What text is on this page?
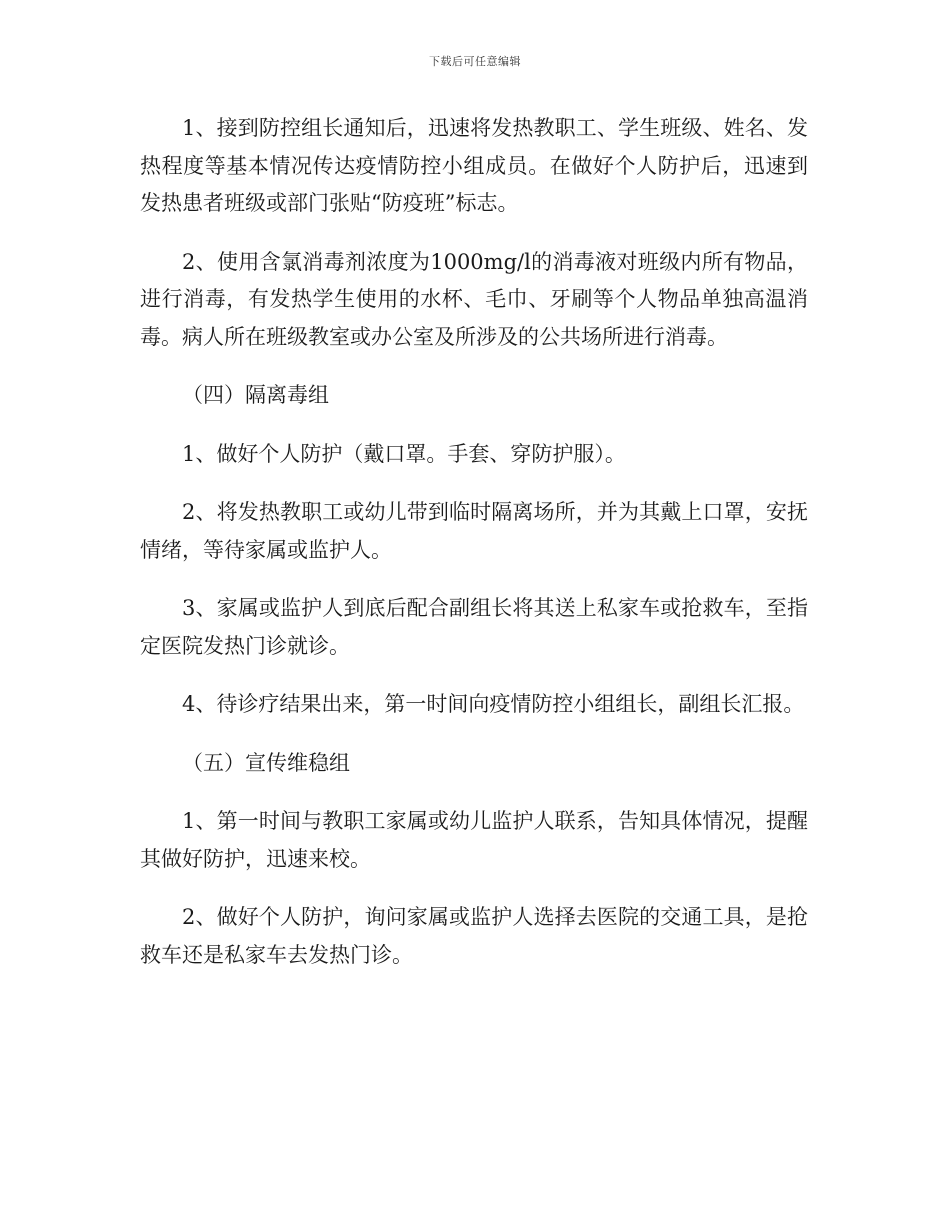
下载后可任意编辑

1、接到防控组长通知后，迅速将发热教职工、学生班级、姓名、发热程度等基本情况传达疫情防控小组成员。在做好个人防护后，迅速到发热患者班级或部门张贴“防疫班”标志。

2、使用含氯消毒剂浓度为1000mg/l的消毒液对班级内所有物品，进行消毒，有发热学生使用的水杯、毛巾、牙刷等个人物品单独高温消毒。病人所在班级教室或办公室及所涉及的公共场所进行消毒。

（四）隔离毒组

1、做好个人防护（戴口罩。手套、穿防护服）。

2、将发热教职工或幼儿带到临时隔离场所，并为其戴上口罩，安抚情绪，等待家属或监护人。

3、家属或监护人到底后配合副组长将其送上私家车或抢救车，至指定医院发热门诊就诊。

4、待诊疗结果出来，第一时间向疫情防控小组组长，副组长汇报。

（五）宣传维稳组

1、第一时间与教职工家属或幼儿监护人联系，告知具体情况，提醒其做好防护，迅速来校。

2、做好个人防护，询问家属或监护人选择去医院的交通工具，是抢救车还是私家车去发热门诊。
